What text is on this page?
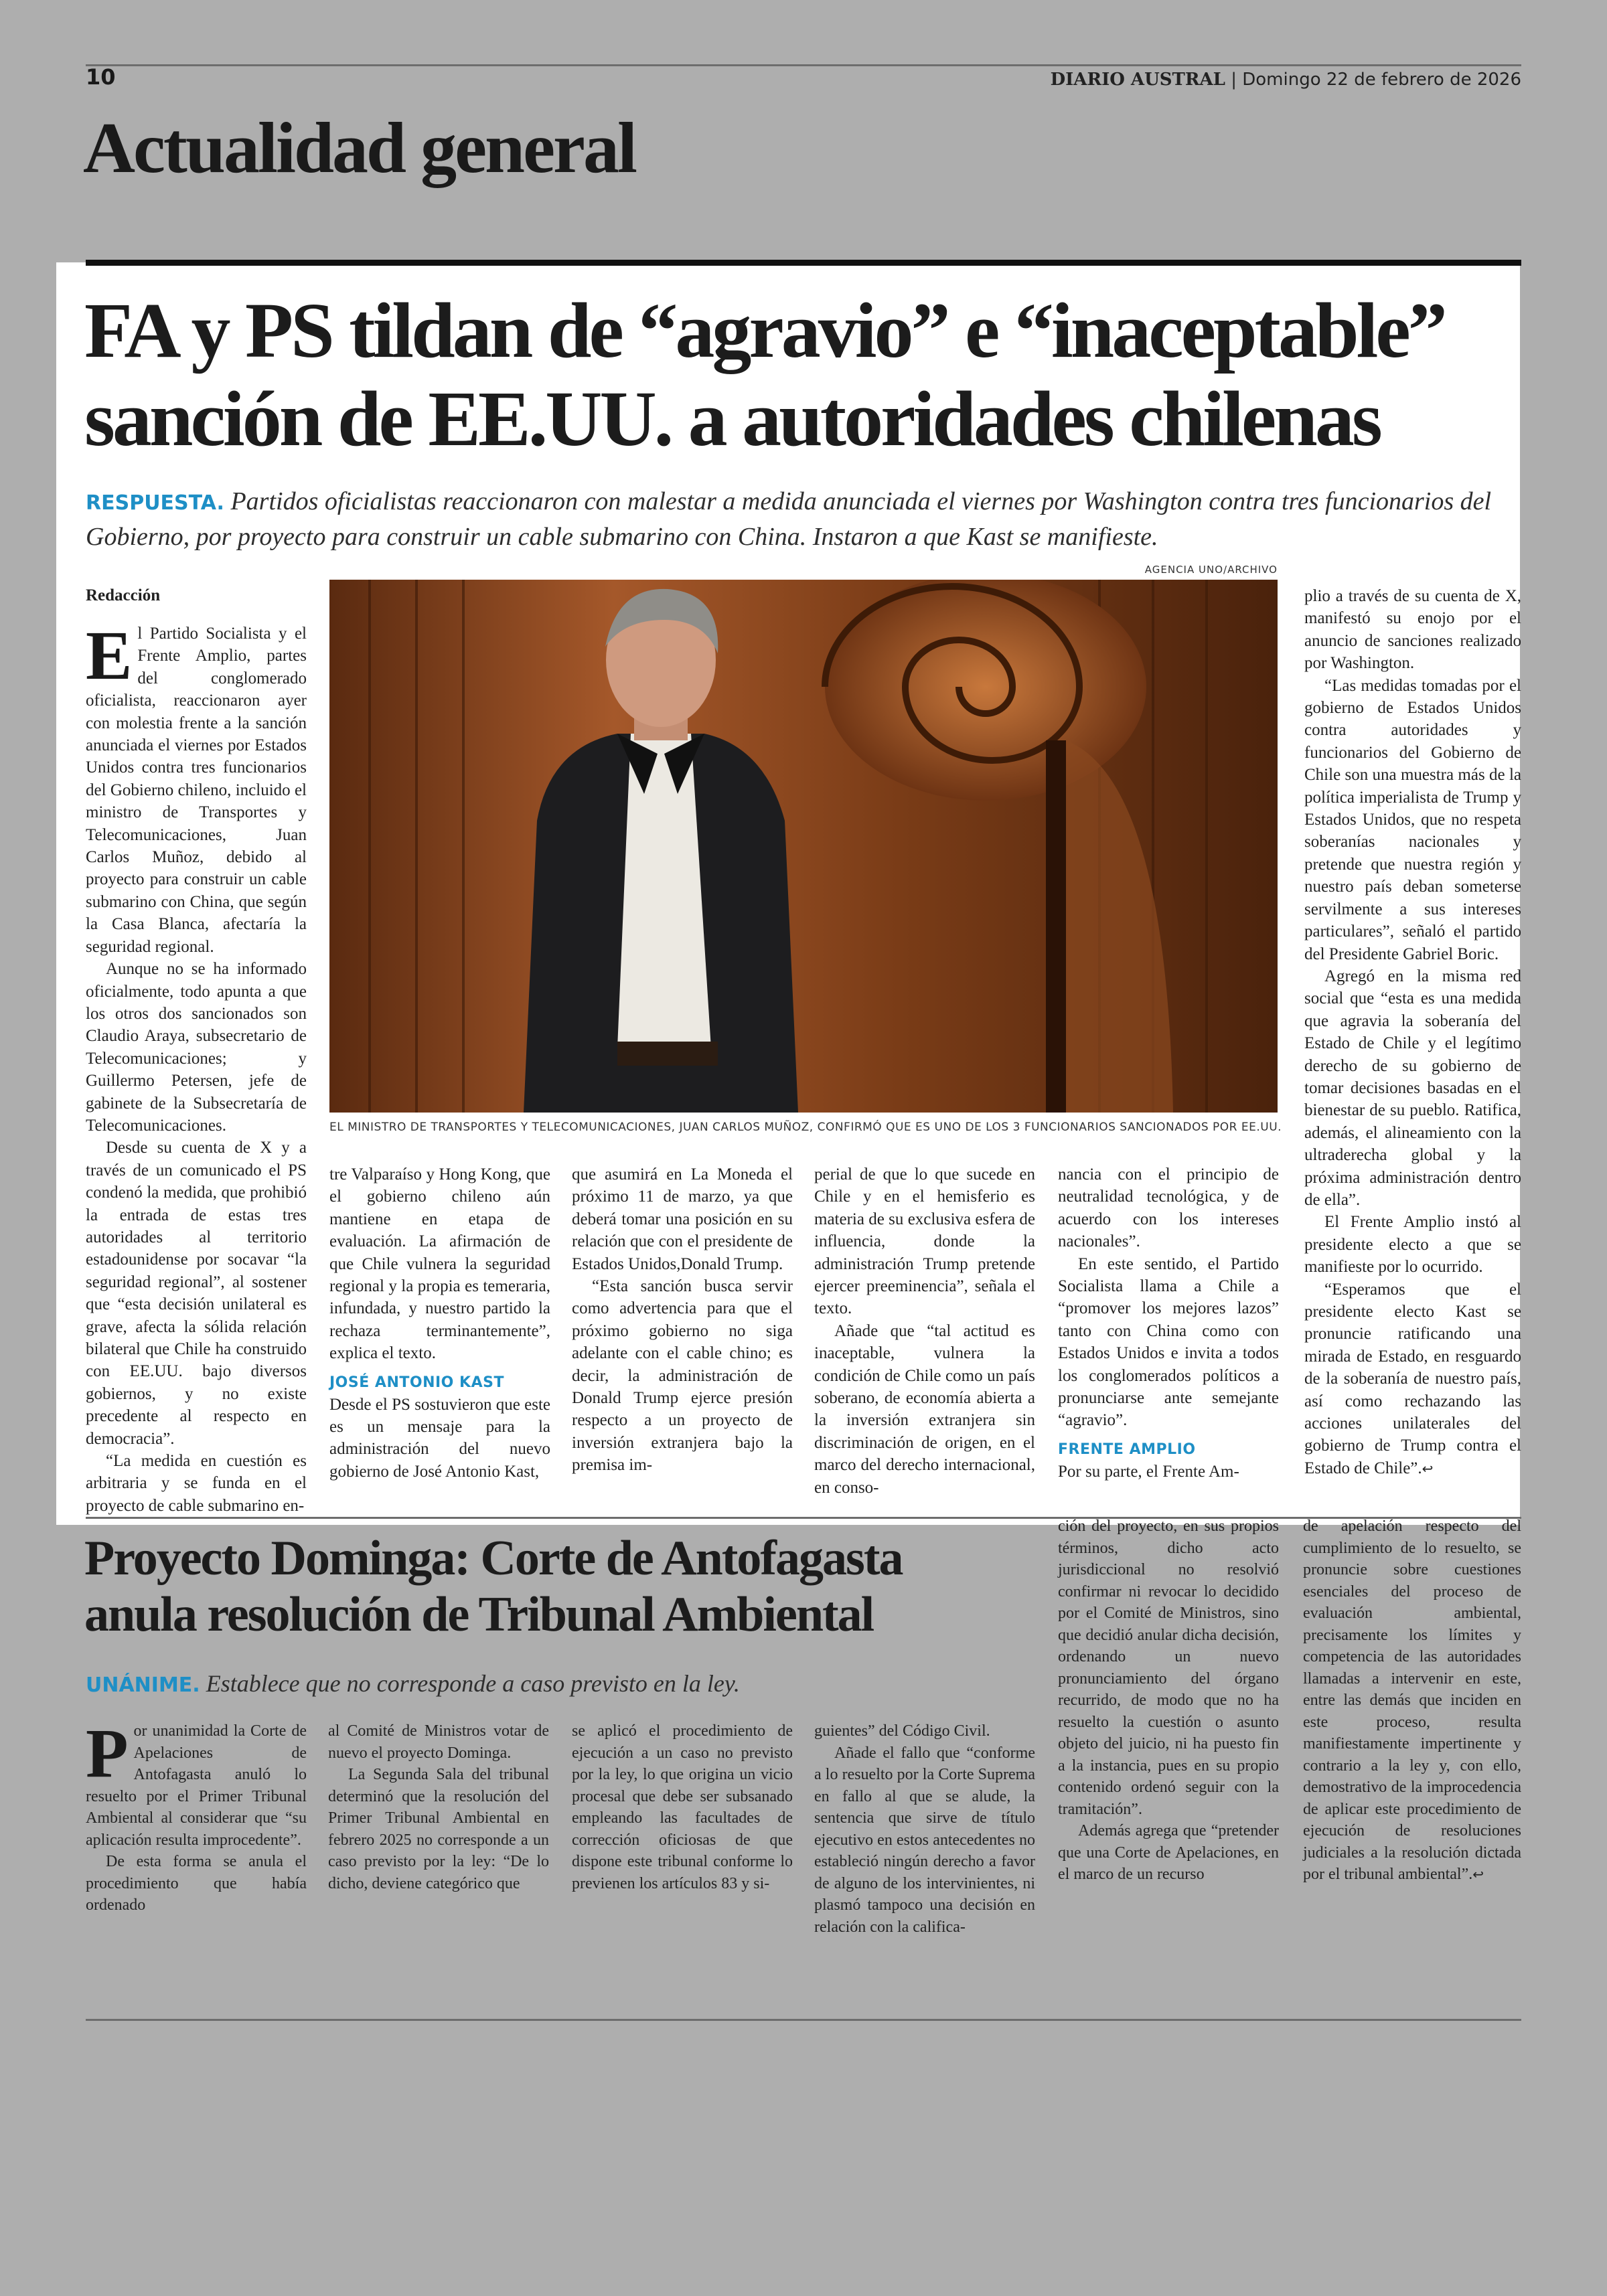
10	DIARIO AUSTRAL | Domingo 22 de febrero de 2026
Actualidad general
FA y PS tildan de “agravio” e “inaceptable”
sanción de EE.UU. a autoridades chilenas
RESPUESTA. Partidos oficialistas reaccionaron con malestar a medida anunciada el viernes por Washington contra tres funcionarios del Gobierno, por proyecto para construir un cable submarino con China. Instaron a que Kast se manifieste.
AGENCIA UNO/ARCHIVO
EL MINISTRO DE TRANSPORTES Y TELECOMUNICACIONES, JUAN CARLOS MUÑOZ, CONFIRMÓ QUE ES UNO DE LOS 3 FUNCIONARIOS SANCIONADOS POR EE.UU.
Redacción

El Partido Socialista y el Frente Amplio, partes del conglomerado oficialista, reaccionaron ayer con molestia frente a la sanción anunciada el viernes por Estados Unidos contra tres funcionarios del Gobierno chileno, incluido el ministro de Transportes y Telecomunicaciones, Juan Carlos Muñoz, debido al proyecto para construir un cable submarino con China, que según la Casa Blanca, afectaría la seguridad regional.

Aunque no se ha informado oficialmente, todo apunta a que los otros dos sancionados son Claudio Araya, subsecretario de Telecomunicaciones; y Guillermo Petersen, jefe de gabinete de la Subsecretaría de Telecomunicaciones.

Desde su cuenta de X y a través de un comunicado el PS condenó la medida, que prohibió la entrada de estas tres autoridades al territorio estadounidense por socavar “la seguridad regional”, al sostener que “esta decisión unilateral es grave, afecta la sólida relación bilateral que Chile ha construido con EE.UU. bajo diversos gobiernos, y no existe precedente al respecto en democracia”.

“La medida en cuestión es arbitraria y se funda en el proyecto de cable submarino en-

tre Valparaíso y Hong Kong, que el gobierno chileno aún mantiene en etapa de evaluación. La afirmación de que Chile vulnera la seguridad regional y la propia es temeraria, infundada, y nuestro partido la rechaza terminantemente”, explica el texto.

JOSÉ ANTONIO KAST

Desde el PS sostuvieron que este es un mensaje para la administración del nuevo gobierno de José Antonio Kast,

que asumirá en La Moneda el próximo 11 de marzo, ya que deberá tomar una posición en su relación que con el presidente de Estados Unidos,Donald Trump.

“Esta sanción busca servir como advertencia para que el próximo gobierno no siga adelante con el cable chino; es decir, la administración de Donald Trump ejerce presión respecto a un proyecto de inversión extranjera bajo la premisa im-

perial de que lo que sucede en Chile y en el hemisferio es materia de su exclusiva esfera de influencia, donde la administración Trump pretende ejercer preeminencia”, señala el texto.

Añade que “tal actitud es inaceptable, vulnera la condición de Chile como un país soberano, de economía abierta a la inversión extranjera sin discriminación de origen, en el marco del derecho internacional, en conso-

nancia con el principio de neutralidad tecnológica, y de acuerdo con los intereses nacionales”.

En este sentido, el Partido Socialista llama a Chile a “promover los mejores lazos” tanto con China como con Estados Unidos e invita a todos los conglomerados políticos a pronunciarse ante semejante “agravio”.

FRENTE AMPLIO

Por su parte, el Frente Am-

plio a través de su cuenta de X, manifestó su enojo por el anuncio de sanciones realizado por Washington.

“Las medidas tomadas por el gobierno de Estados Unidos contra autoridades y funcionarios del Gobierno de Chile son una muestra más de la política imperialista de Trump y Estados Unidos, que no respeta soberanías nacionales y pretende que nuestra región y nuestro país deban someterse servilmente a sus intereses particulares”, señaló el partido del Presidente Gabriel Boric.

Agregó en la misma red social que “esta es una medida que agravia la soberanía del Estado de Chile y el legítimo derecho de su gobierno de tomar decisiones basadas en el bienestar de su pueblo. Ratifica, además, el alineamiento con la ultraderecha global y la próxima administración dentro de ella”.

El Frente Amplio instó al presidente electo a que se manifieste por lo ocurrido.

“Esperamos que el presidente electo Kast se pronuncie ratificando una mirada de Estado, en resguardo de la soberanía de nuestro país, así como rechazando las acciones unilaterales del gobierno de Trump contra el Estado de Chile”.↩

Proyecto Dominga: Corte de Antofagasta
anula resolución de Tribunal Ambiental
UNÁNIME. Establece que no corresponde a caso previsto en la ley.

Por unanimidad la Corte de Apelaciones de Antofagasta anuló lo resuelto por el Primer Tribunal Ambiental al considerar que “su aplicación resulta improcedente”.

De esta forma se anula el procedimiento que había ordenado

al Comité de Ministros votar de nuevo el proyecto Dominga.

La Segunda Sala del tribunal determinó que la resolución del Primer Tribunal Ambiental en febrero 2025 no corresponde a un caso previsto por la ley: “De lo dicho, deviene categórico que

se aplicó el procedimiento de ejecución a un caso no previsto por la ley, lo que origina un vicio procesal que debe ser subsanado empleando las facultades de corrección oficiosas de que dispone este tribunal conforme lo previenen los artículos 83 y si-

guientes” del Código Civil.

Añade el fallo que “conforme a lo resuelto por la Corte Suprema en fallo al que se alude, la sentencia que sirve de título ejecutivo en estos antecedentes no estableció ningún derecho a favor de alguno de los intervinientes, ni plasmó tampoco una decisión en relación con la califica-

ción del proyecto, en sus propios términos, dicho acto jurisdiccional no resolvió confirmar ni revocar lo decidido por el Comité de Ministros, sino que decidió anular dicha decisión, ordenando un nuevo pronunciamiento del órgano recurrido, de modo que no ha resuelto la cuestión o asunto objeto del juicio, ni ha puesto fin a la instancia, pues en su propio contenido ordenó seguir con la tramitación”.

Además agrega que “pretender que una Corte de Apelaciones, en el marco de un recurso

de apelación respecto del cumplimiento de lo resuelto, se pronuncie sobre cuestiones esenciales del proceso de evaluación ambiental, precisamente los límites y competencia de las autoridades llamadas a intervenir en este, entre las demás que inciden en este proceso, resulta manifiestamente impertinente y contrario a la ley y, con ello, demostrativo de la improcedencia de aplicar este procedimiento de ejecución de resoluciones judiciales a la resolución dictada por el tribunal ambiental”.↩
